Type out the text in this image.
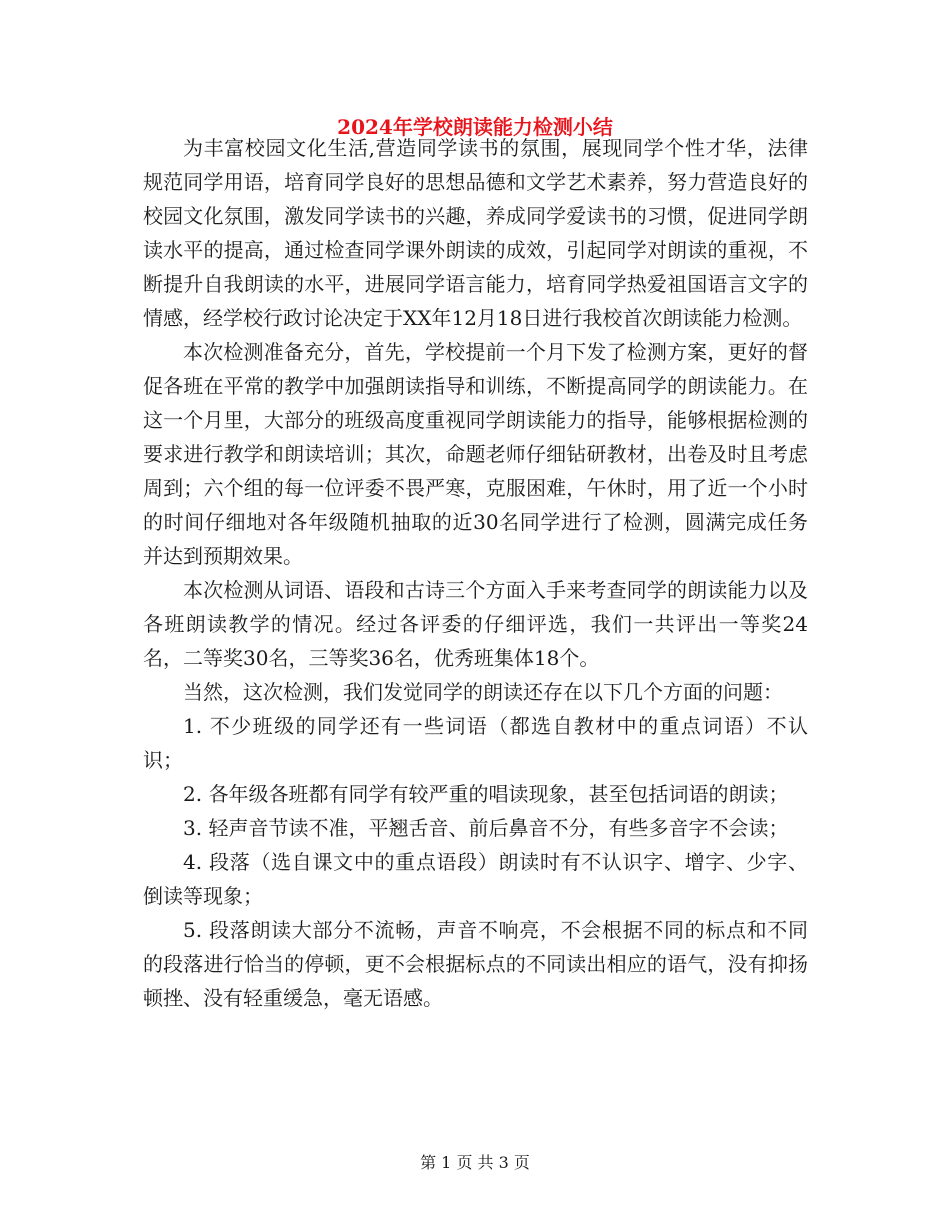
2024年学校朗读能力检测小结

为丰富校园文化生活,营造同学读书的氛围，展现同学个性才华，法律规范同学用语，培育同学良好的思想品德和文学艺术素养，努力营造良好的校园文化氛围，激发同学读书的兴趣，养成同学爱读书的习惯，促进同学朗读水平的提高，通过检查同学课外朗读的成效，引起同学对朗读的重视，不断提升自我朗读的水平，进展同学语言能力，培育同学热爱祖国语言文字的情感，经学校行政讨论决定于XX年12月18日进行我校首次朗读能力检测。

本次检测准备充分，首先，学校提前一个月下发了检测方案，更好的督促各班在平常的教学中加强朗读指导和训练，不断提高同学的朗读能力。在这一个月里，大部分的班级高度重视同学朗读能力的指导，能够根据检测的要求进行教学和朗读培训；其次，命题老师仔细钻研教材，出卷及时且考虑周到；六个组的每一位评委不畏严寒，克服困难，午休时，用了近一个小时的时间仔细地对各年级随机抽取的近30名同学进行了检测，圆满完成任务并达到预期效果。

本次检测从词语、语段和古诗三个方面入手来考查同学的朗读能力以及各班朗读教学的情况。经过各评委的仔细评选，我们一共评出一等奖24名，二等奖30名，三等奖36名，优秀班集体18个。

当然，这次检测，我们发觉同学的朗读还存在以下几个方面的问题：

1. 不少班级的同学还有一些词语（都选自教材中的重点词语）不认识；

2. 各年级各班都有同学有较严重的唱读现象，甚至包括词语的朗读；

3. 轻声音节读不准，平翘舌音、前后鼻音不分，有些多音字不会读；

4. 段落（选自课文中的重点语段）朗读时有不认识字、增字、少字、倒读等现象；

5. 段落朗读大部分不流畅，声音不响亮，不会根据不同的标点和不同的段落进行恰当的停顿，更不会根据标点的不同读出相应的语气，没有抑扬顿挫、没有轻重缓急，毫无语感。

第 1 页 共 3 页
